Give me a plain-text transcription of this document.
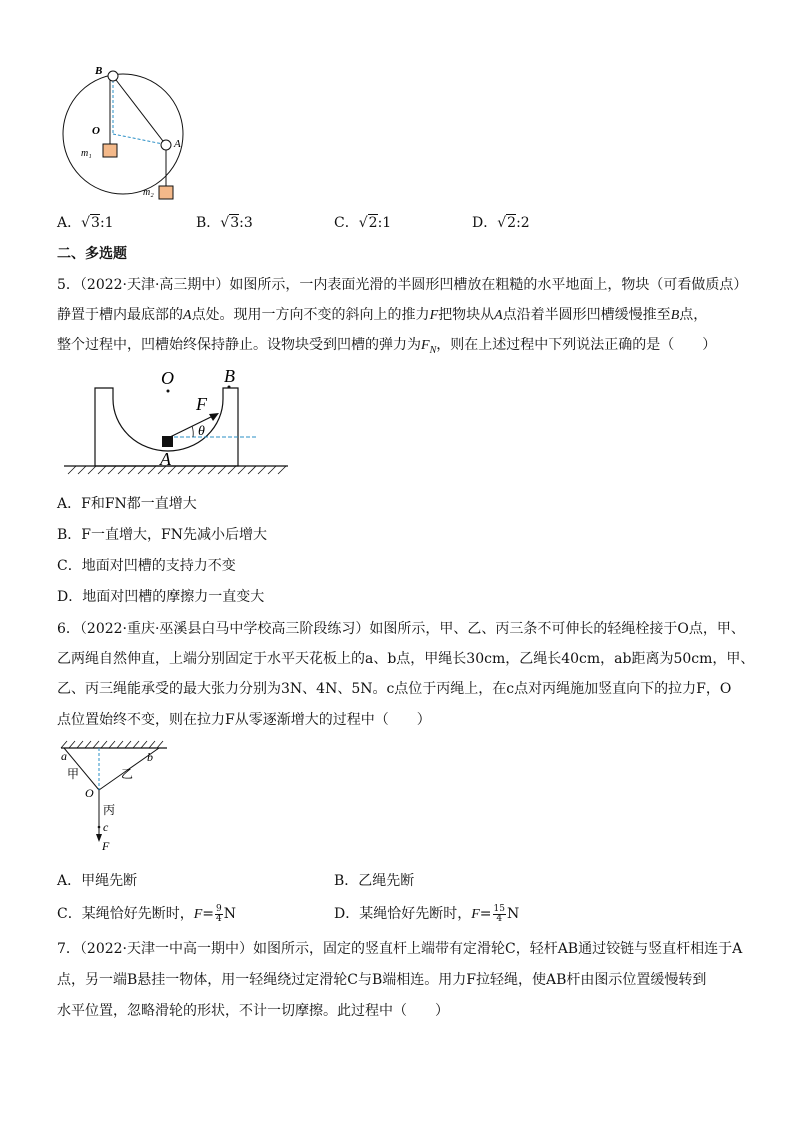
B
O
A
m₁
m₂
A．√3:1	B．√3:3	C．√2:1	D．√2:2
二、多选题
5．（2022·天津·高三期中）如图所示，一内表面光滑的半圆形凹槽放在粗糙的水平地面上，物块（可看做质点）
静置于槽内最底部的A点处。现用一方向不变的斜向上的推力F把物块从A点沿着半圆形凹槽缓慢推至B点，
整个过程中，凹槽始终保持静止。设物块受到凹槽的弹力为$F_N$，则在上述过程中下列说法正确的是（　　）
O	B
F
θ
A
A．F和FN都一直增大
B．F一直增大，FN先减小后增大
C．地面对凹槽的支持力不变
D．地面对凹槽的摩擦力一直变大
6．（2022·重庆·巫溪县白马中学校高三阶段练习）如图所示，甲、乙、丙三条不可伸长的轻绳栓接于O点，甲、
乙两绳自然伸直，上端分别固定于水平天花板上的a、b点，甲绳长30cm，乙绳长40cm，ab距离为50cm，甲、
乙、丙三绳能承受的最大张力分别为3N、4N、5N。c点位于丙绳上，在c点对丙绳施加竖直向下的拉力F，O
点位置始终不变，则在拉力F从零逐渐增大的过程中（　　）
a	b
甲	乙
O
丙
c
F
A．甲绳先断	B．乙绳先断
C．某绳恰好先断时，$F= \frac{9}{4}$ N	D．某绳恰好先断时，$F= \frac{15}{4}$ N
7．（2022·天津一中高一期中）如图所示，固定的竖直杆上端带有定滑轮C，轻杆AB通过铰链与竖直杆相连于A
点，另一端B悬挂一物体，用一轻绳绕过定滑轮C与B端相连。用力F拉轻绳，使AB杆由图示位置缓慢转到
水平位置，忽略滑轮的形状，不计一切摩擦。此过程中（　　）
